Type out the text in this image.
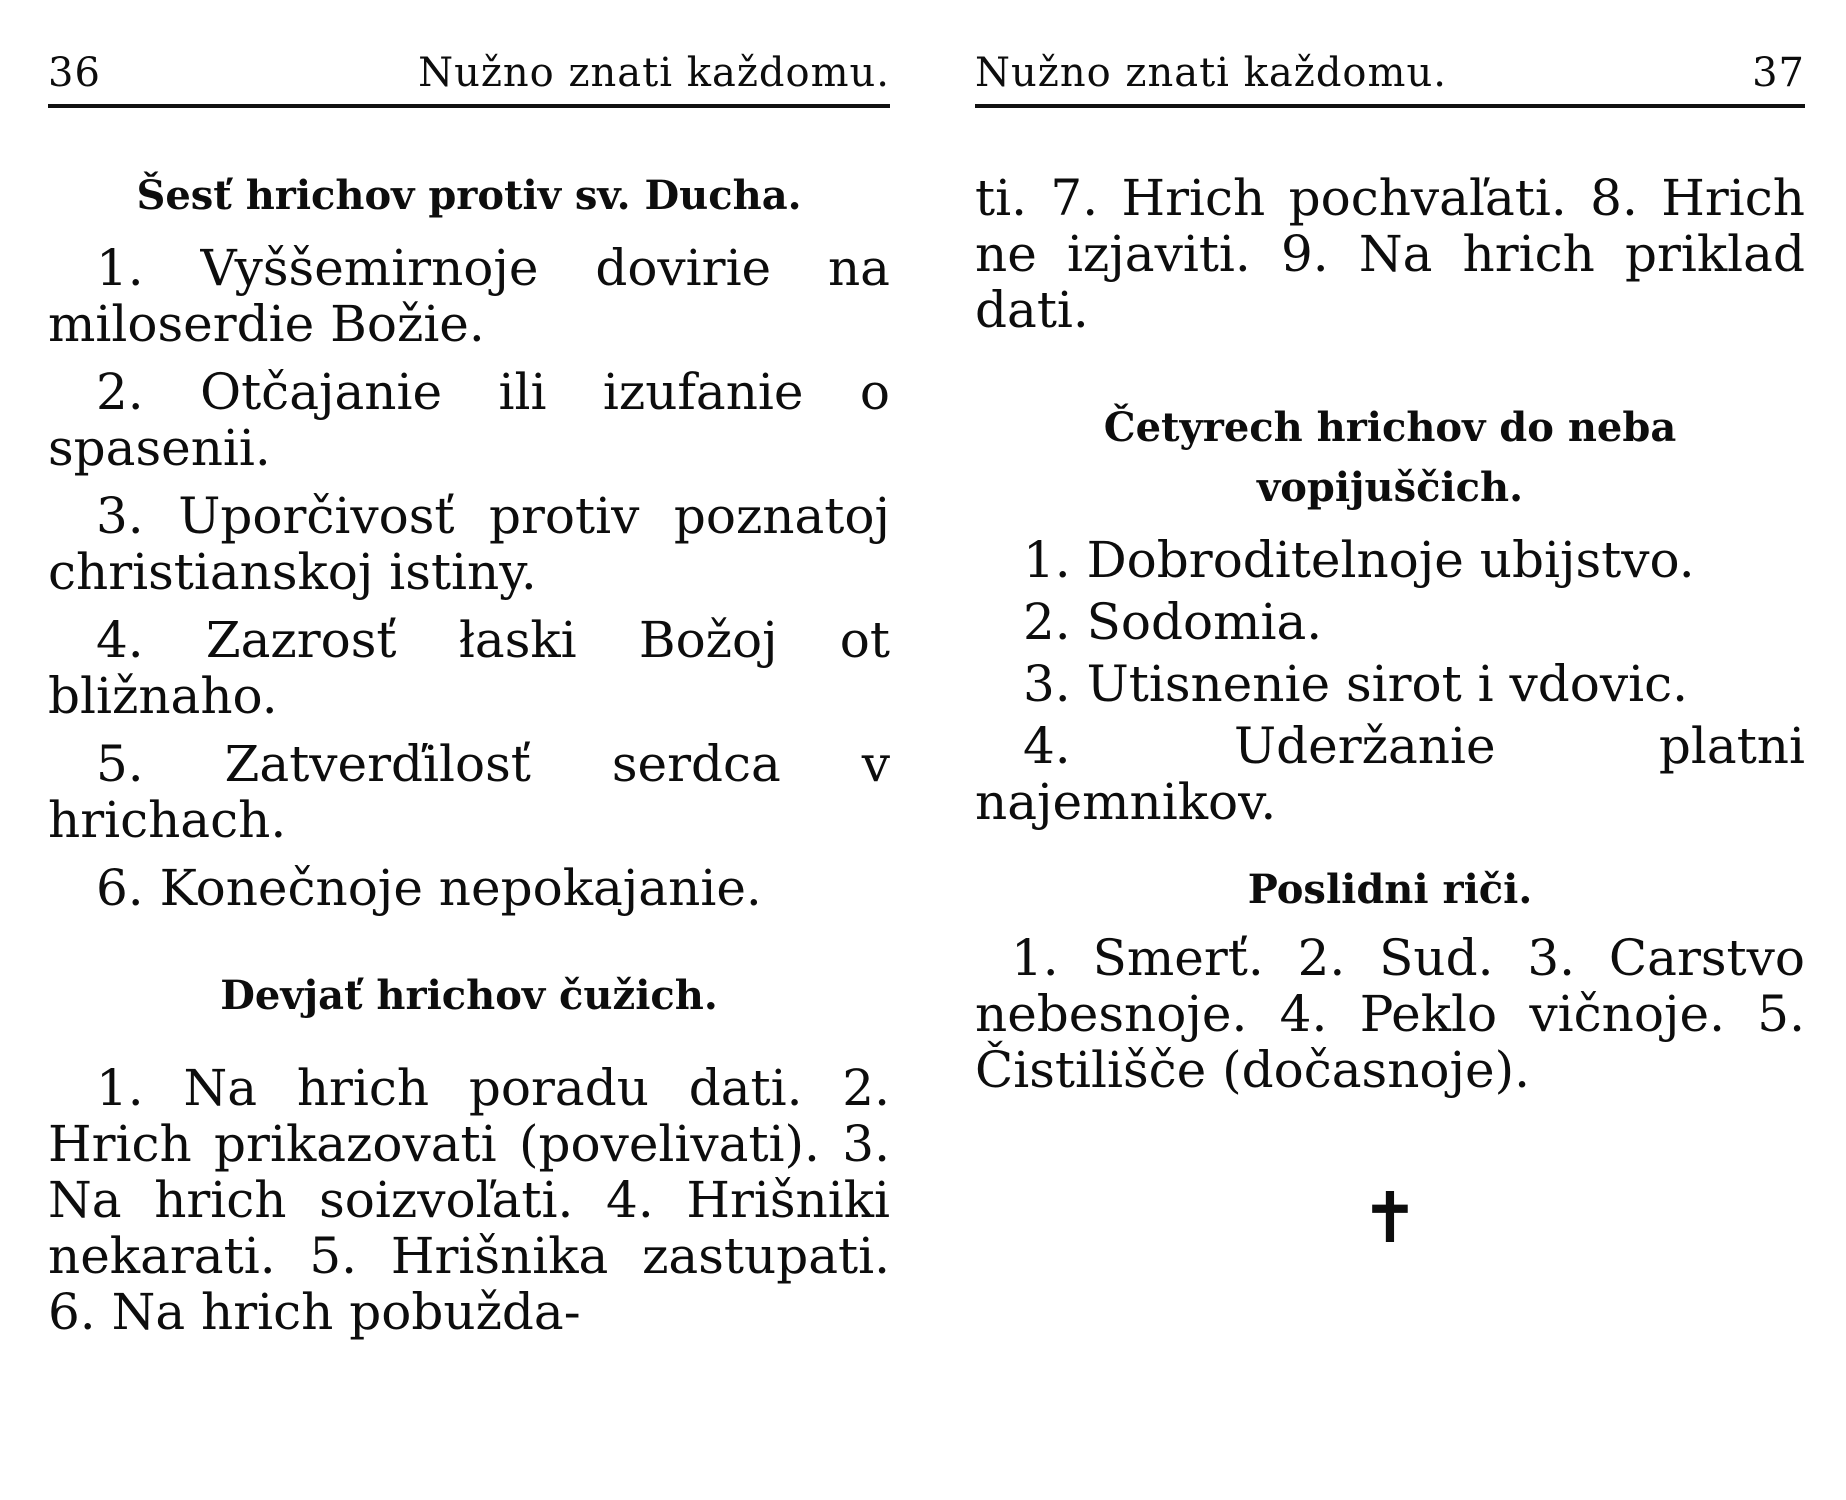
36	Nužno znati každomu.
Šesť hrichov protiv sv. Ducha.

1. Vyššemirnoje dovirie na miloserdie Božie.

2. Otčajanie ili izufanie o spasenii.

3. Uporčivosť protiv poznatoj christianskoj istiny.

4. Zazrosť łaski Božoj ot bližnaho.

5. Zatverďilosť serdca v hrichach.

6. Konečnoje nepokajanie.

Devjať hrichov čužich.

1. Na hrich poradu dati. 2. Hrich prikazovati (povelivati). 3. Na hrich soizvoľati. 4. Hrišniki nekarati. 5. Hrišnika zastupati. 6. Na hrich pobužda-

Nužno znati každomu.	37

ti. 7. Hrich pochvaľati. 8. Hrich ne izjaviti. 9. Na hrich priklad dati.

Četyrech hrichov do neba vopijuščich.

1. Dobroditelnoje ubijstvo.

2. Sodomia.

3. Utisnenie sirot i vdovic.

4. Uderžanie platni najemnikov.

Poslidni riči.

1. Smerť. 2. Sud. 3. Carstvo nebesnoje. 4. Peklo vičnoje. 5. Čistilišče (dočasnoje).

✝
